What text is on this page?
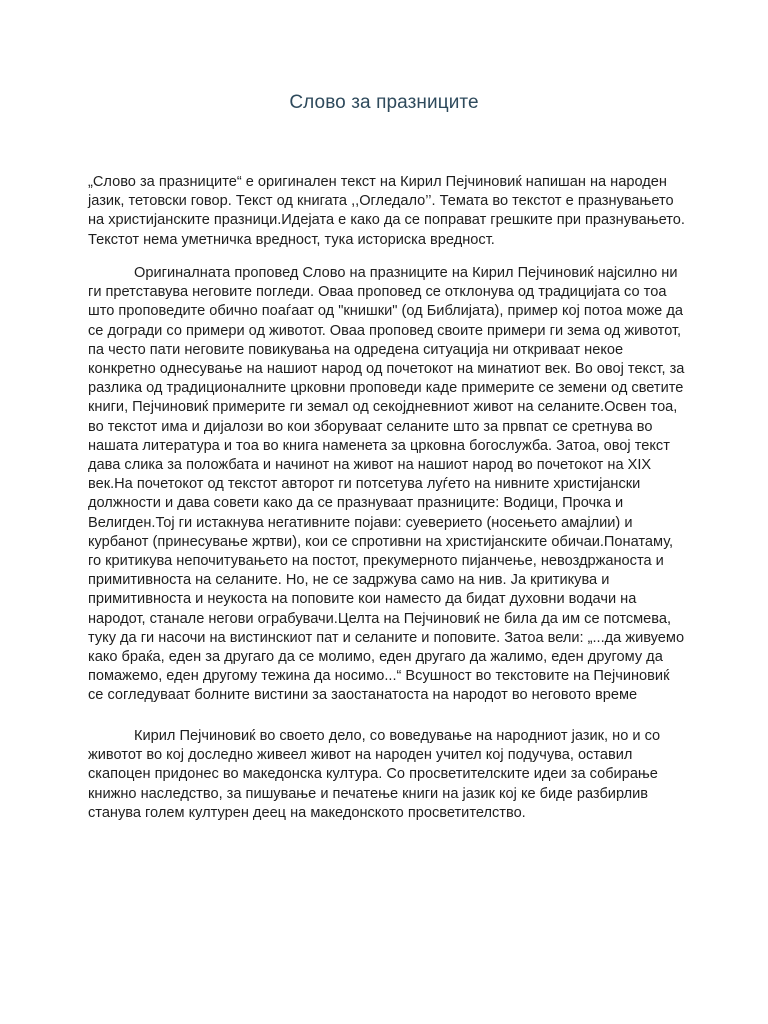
Слово за празниците

„Слово за празниците“ е оригинален текст на Кирил Пејчиновиќ напишан на народен јазик, тетовски говор. Текст од книгата ,,Огледало’’. Темата во текстот е празнувањето на христијанските празници.Идејата е како да се поправат грешките при празнувањето. Текстот нема уметничка вредност, тука историска вредност.

Оригиналната проповед Слово на празниците на Кирил Пејчиновиќ најсилно ни ги претставува неговите погледи. Оваа проповед се отклонува од традицијата со тоа што проповедите обично поаѓаат од "книшки" (од Библијата), пример кој потоа може да се догради со примери од животот. Оваа проповед своите примери ги зема од животот, па често пати неговите повикувања на одредена ситуација ни откриваат некое конкретно однесување на нашиот народ од почетокот на минатиот век. Во овој текст, за разлика од традиционалните црковни проповеди каде примерите се земени од светите книги, Пејчиновиќ примерите ги земал од секојдневниот живот на селаните.Освен тоа, во текстот има и дијалози во кои зборуваат селаните што за првпат се сретнува во нашата литература и тоа во книга наменета за црковна богослужба. Затоа, овој текст дава слика за положбата и начинот на живот на нашиот народ во почетокот на XIX век.На почетокот од текстот авторот ги потсетува луѓето на нивните христијански должности и дава совети како да се празнуваат празниците: Водици, Прочка и Велигден.Тој ги истакнува негативните појави: суеверието (носењето амајлии) и курбанот (принесување жртви), кои се спротивни на христијанските обичаи.Понатаму, го критикува непочитувањето на постот, прекумерното пијанчење, невоздржаноста и примитивноста на селаните. Но, не се задржува само на нив. Ја критикува и примитивноста и неукоста на поповите кои наместо да бидат духовни водачи на народот, станале негови ограбувачи.Целта на Пејчиновиќ не била да им се потсмева, туку да ги насочи на вистинскиот пат и селаните и поповите. Затоа вели: „...да живуемо како браќа, еден за другаго да се молимо, еден другаго да жалимо, еден другому да помажемо, еден другому тежина да носимо...“ Всушност во текстовите на Пејчиновиќ се согледуваат болните вистини за заостанатоста на народот во неговото време

Кирил Пејчиновиќ во своето дело, со воведување на народниот јазик, но и со животот во кој доследно живеел живот на народен учител кој подучува, оставил скапоцен придонес во македонска култура. Со просветителските идеи за собирање книжно наследство, за пишување и печатење книги на јазик кој ке биде разбирлив станува голем културен деец на македонското просветителство.
